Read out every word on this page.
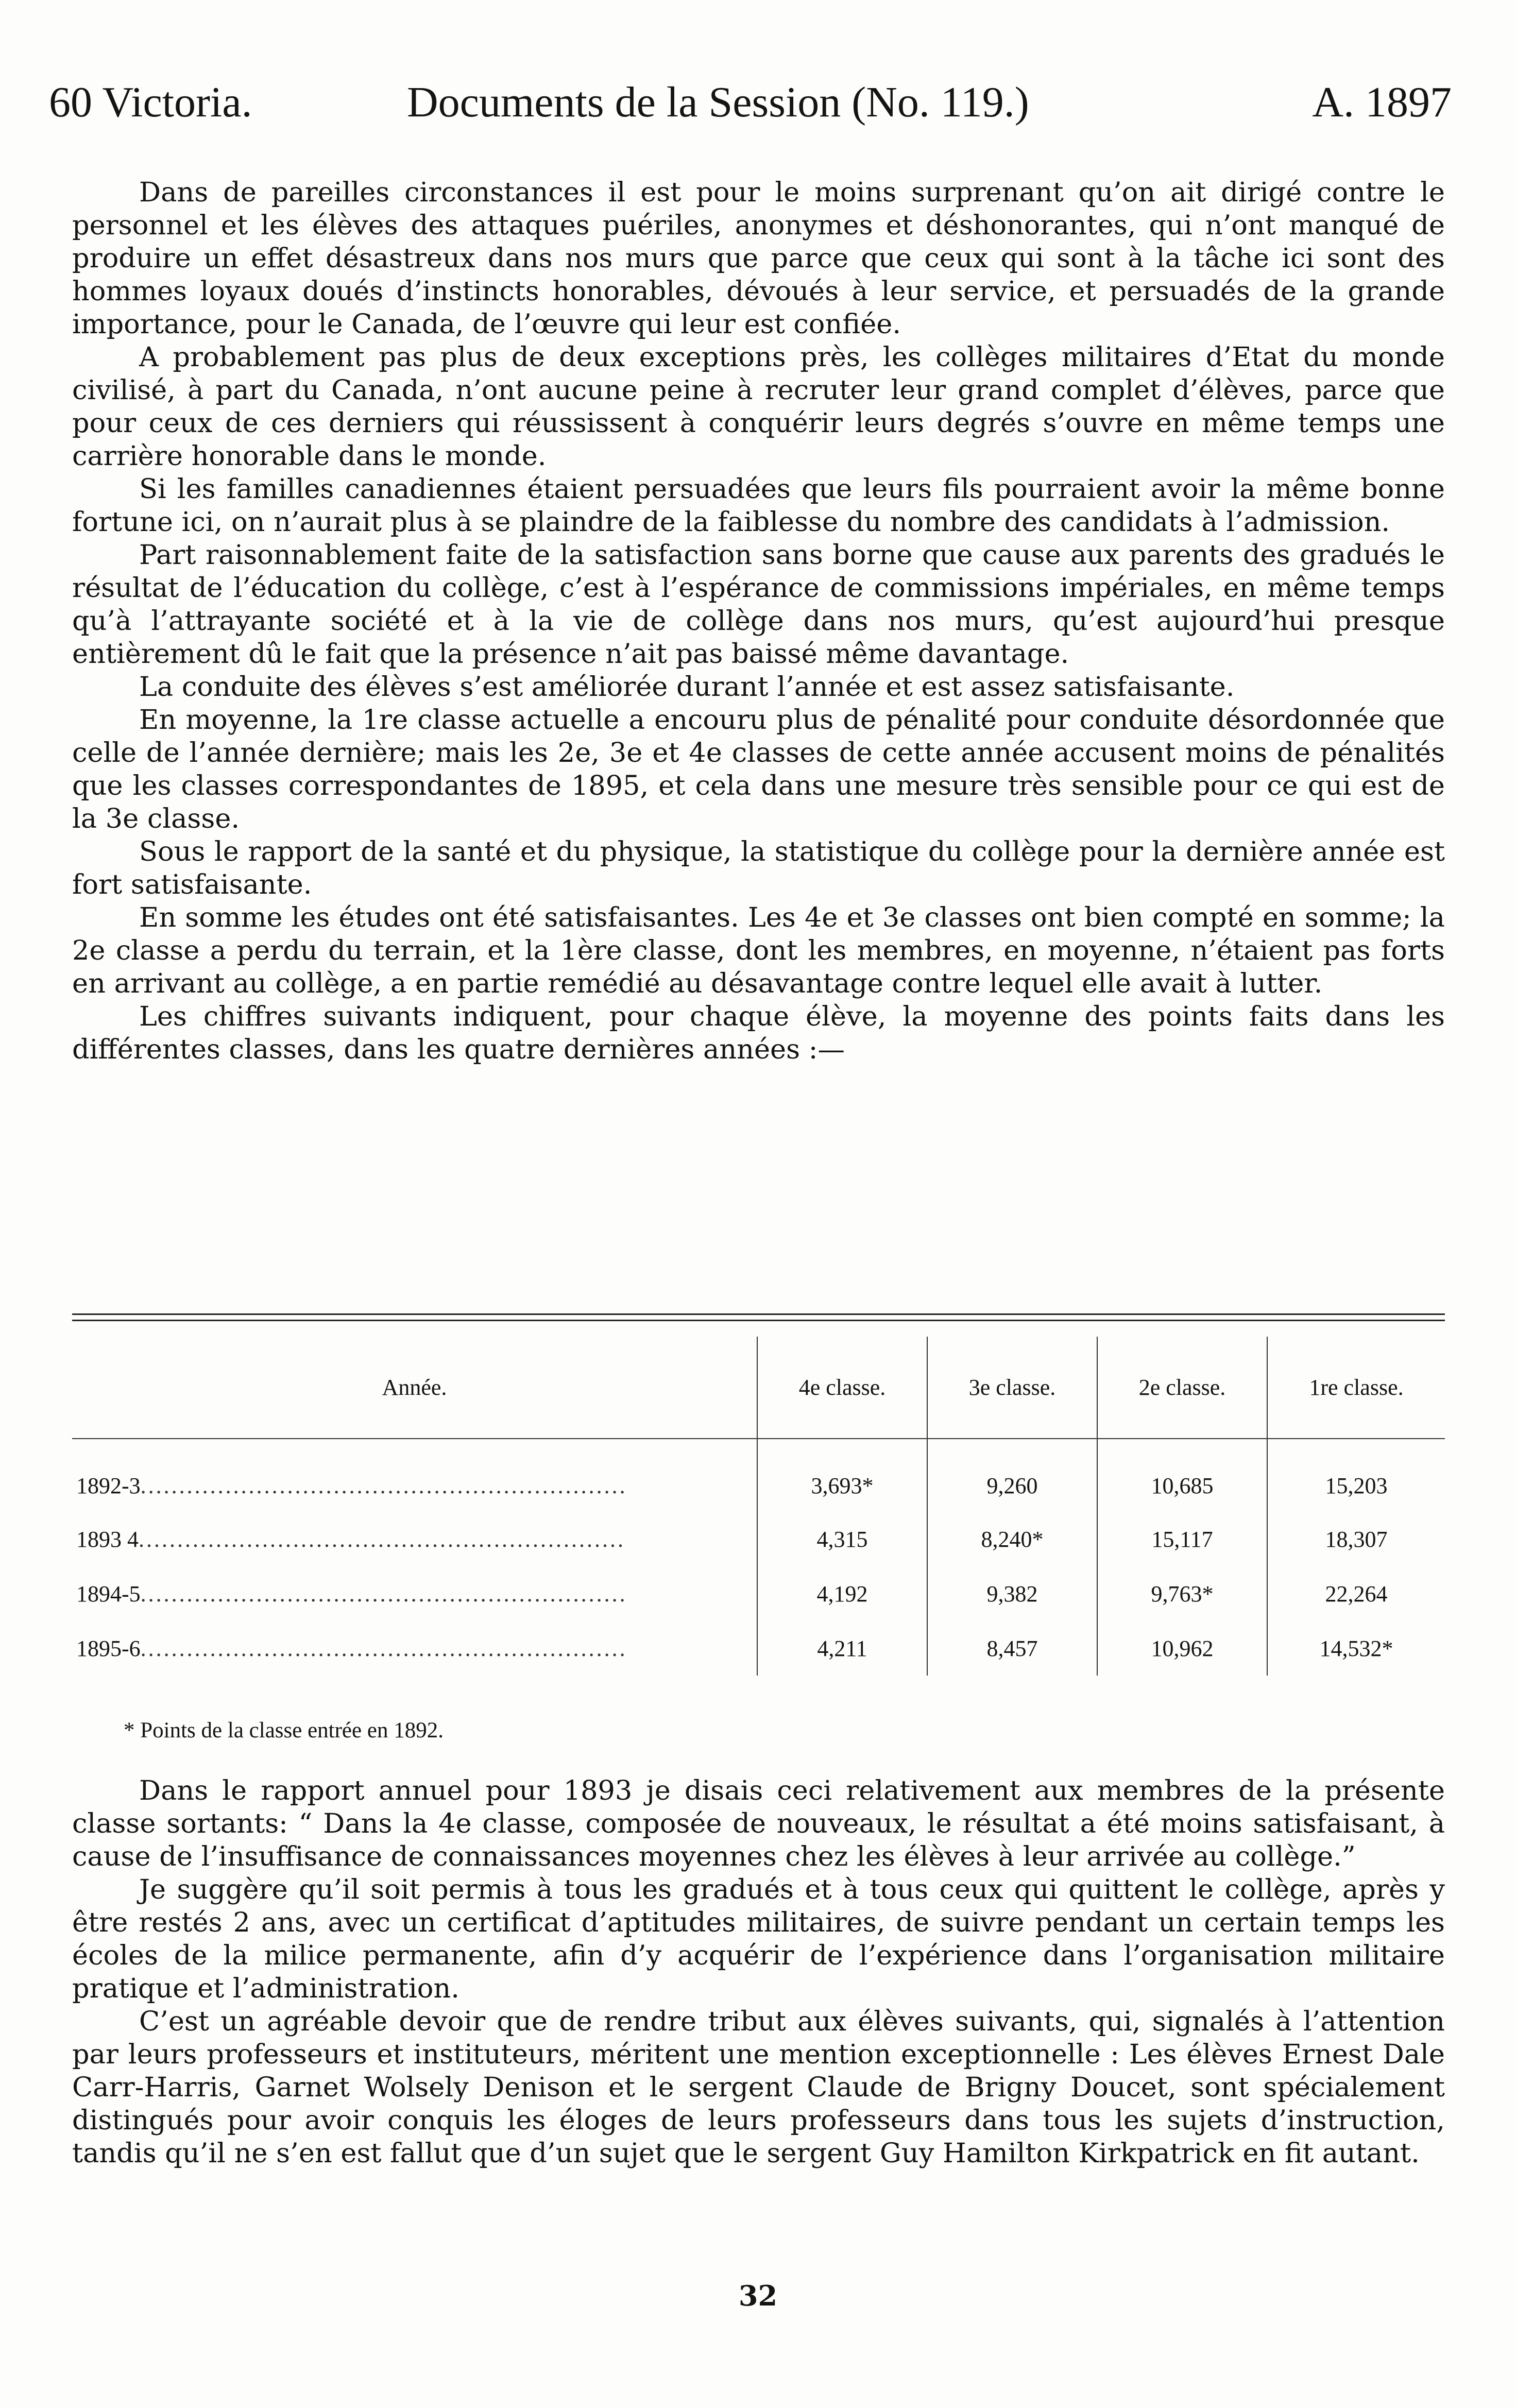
60 Victoria.	Documents de la Session (No. 119.)	A. 1897

Dans de pareilles circonstances il est pour le moins surprenant qu’on ait dirigé contre le personnel et les élèves des attaques puériles, anonymes et déshonorantes, qui n’ont manqué de produire un effet désastreux dans nos murs que parce que ceux qui sont à la tâche ici sont des hommes loyaux doués d’instincts honorables, dévoués à leur service, et persuadés de la grande importance, pour le Canada, de l’œuvre qui leur est confiée.

A probablement pas plus de deux exceptions près, les collèges militaires d’Etat du monde civilisé, à part du Canada, n’ont aucune peine à recruter leur grand complet d’élèves, parce que pour ceux de ces derniers qui réussissent à conquérir leurs degrés s’ouvre en même temps une carrière honorable dans le monde.

Si les familles canadiennes étaient persuadées que leurs fils pourraient avoir la même bonne fortune ici, on n’aurait plus à se plaindre de la faiblesse du nombre des candidats à l’admission.

Part raisonnablement faite de la satisfaction sans borne que cause aux parents des gradués le résultat de l’éducation du collège, c’est à l’espérance de commissions impériales, en même temps qu’à l’attrayante société et à la vie de collège dans nos murs, qu’est aujourd’hui presque entièrement dû le fait que la présence n’ait pas baissé même davantage.

La conduite des élèves s’est améliorée durant l’année et est assez satisfaisante.

En moyenne, la 1re classe actuelle a encouru plus de pénalité pour conduite désordonnée que celle de l’année dernière; mais les 2e, 3e et 4e classes de cette année accusent moins de pénalités que les classes correspondantes de 1895, et cela dans une mesure très sensible pour ce qui est de la 3e classe.

Sous le rapport de la santé et du physique, la statistique du collège pour la dernière année est fort satisfaisante.

En somme les études ont été satisfaisantes. Les 4e et 3e classes ont bien compté en somme; la 2e classe a perdu du terrain, et la 1ère classe, dont les membres, en moyenne, n’étaient pas forts en arrivant au collège, a en partie remédié au désavantage contre lequel elle avait à lutter.

Les chiffres suivants indiquent, pour chaque élève, la moyenne des points faits dans les différentes classes, dans les quatre dernières années :—

Année.	4e classe.	3e classe.	2e classe.	1re classe.
1892-3...............................................................	3,693*	9,260	10,685	15,203
1893 4...............................................................	4,315	8,240*	15,117	18,307
1894-5...............................................................	4,192	9,382	9,763*	22,264
1895-6...............................................................	4,211	8,457	10,962	14,532*
* Points de la classe entrée en 1892.

Dans le rapport annuel pour 1893 je disais ceci relativement aux membres de la présente classe sortants: “ Dans la 4e classe, composée de nouveaux, le résultat a été moins satisfaisant, à cause de l’insuffisance de connaissances moyennes chez les élèves à leur arrivée au collège.”

Je suggère qu’il soit permis à tous les gradués et à tous ceux qui quittent le collège, après y être restés 2 ans, avec un certificat d’aptitudes militaires, de suivre pendant un certain temps les écoles de la milice permanente, afin d’y acquérir de l’expérience dans l’organisation militaire pratique et l’administration.

C’est un agréable devoir que de rendre tribut aux élèves suivants, qui, signalés à l’attention par leurs professeurs et instituteurs, méritent une mention exceptionnelle : Les élèves Ernest Dale Carr-Harris, Garnet Wolsely Denison et le sergent Claude de Brigny Doucet, sont spécialement distingués pour avoir conquis les éloges de leurs professeurs dans tous les sujets d’instruction, tandis qu’il ne s’en est fallut que d’un sujet que le sergent Guy Hamilton Kirkpatrick en fit autant.

32
